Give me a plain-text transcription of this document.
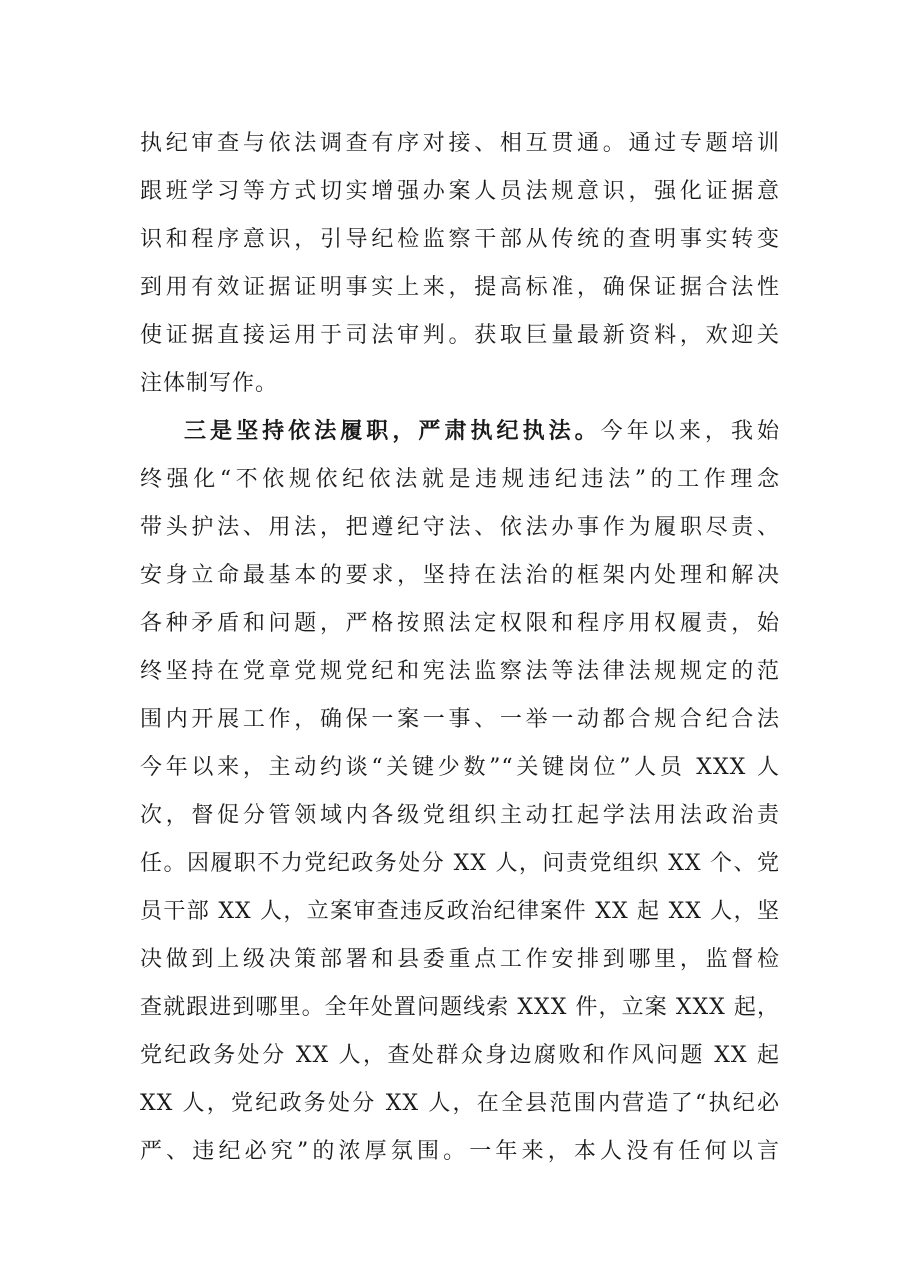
执纪审查与依法调查有序对接、相互贯通。通过专题培训
跟班学习等方式切实增强办案人员法规意识，强化证据意
识和程序意识，引导纪检监察干部从传统的查明事实转变
到用有效证据证明事实上来，提高标准，确保证据合法性
使证据直接运用于司法审判。获取巨量最新资料，欢迎关
注体制写作。
三是坚持依法履职，严肃执纪执法。今年以来，我始
终强化“不依规依纪依法就是违规违纪违法”的工作理念
带头护法、用法，把遵纪守法、依法办事作为履职尽责、
安身立命最基本的要求，坚持在法治的框架内处理和解决
各种矛盾和问题，严格按照法定权限和程序用权履责，始
终坚持在党章党规党纪和宪法监察法等法律法规规定的范
围内开展工作，确保一案一事、一举一动都合规合纪合法
今年以来，主动约谈“关键少数”“关键岗位”人员 XXX 人
次，督促分管领域内各级党组织主动扛起学法用法政治责
任。因履职不力党纪政务处分 XX 人，问责党组织 XX 个、党
员干部 XX 人，立案审查违反政治纪律案件 XX 起 XX 人，坚
决做到上级决策部署和县委重点工作安排到哪里，监督检
查就跟进到哪里。全年处置问题线索 XXX 件，立案 XXX 起，
党纪政务处分 XX 人，查处群众身边腐败和作风问题 XX 起
XX 人，党纪政务处分 XX 人，在全县范围内营造了“执纪必
严、违纪必究”的浓厚氛围。一年来，本人没有任何以言
